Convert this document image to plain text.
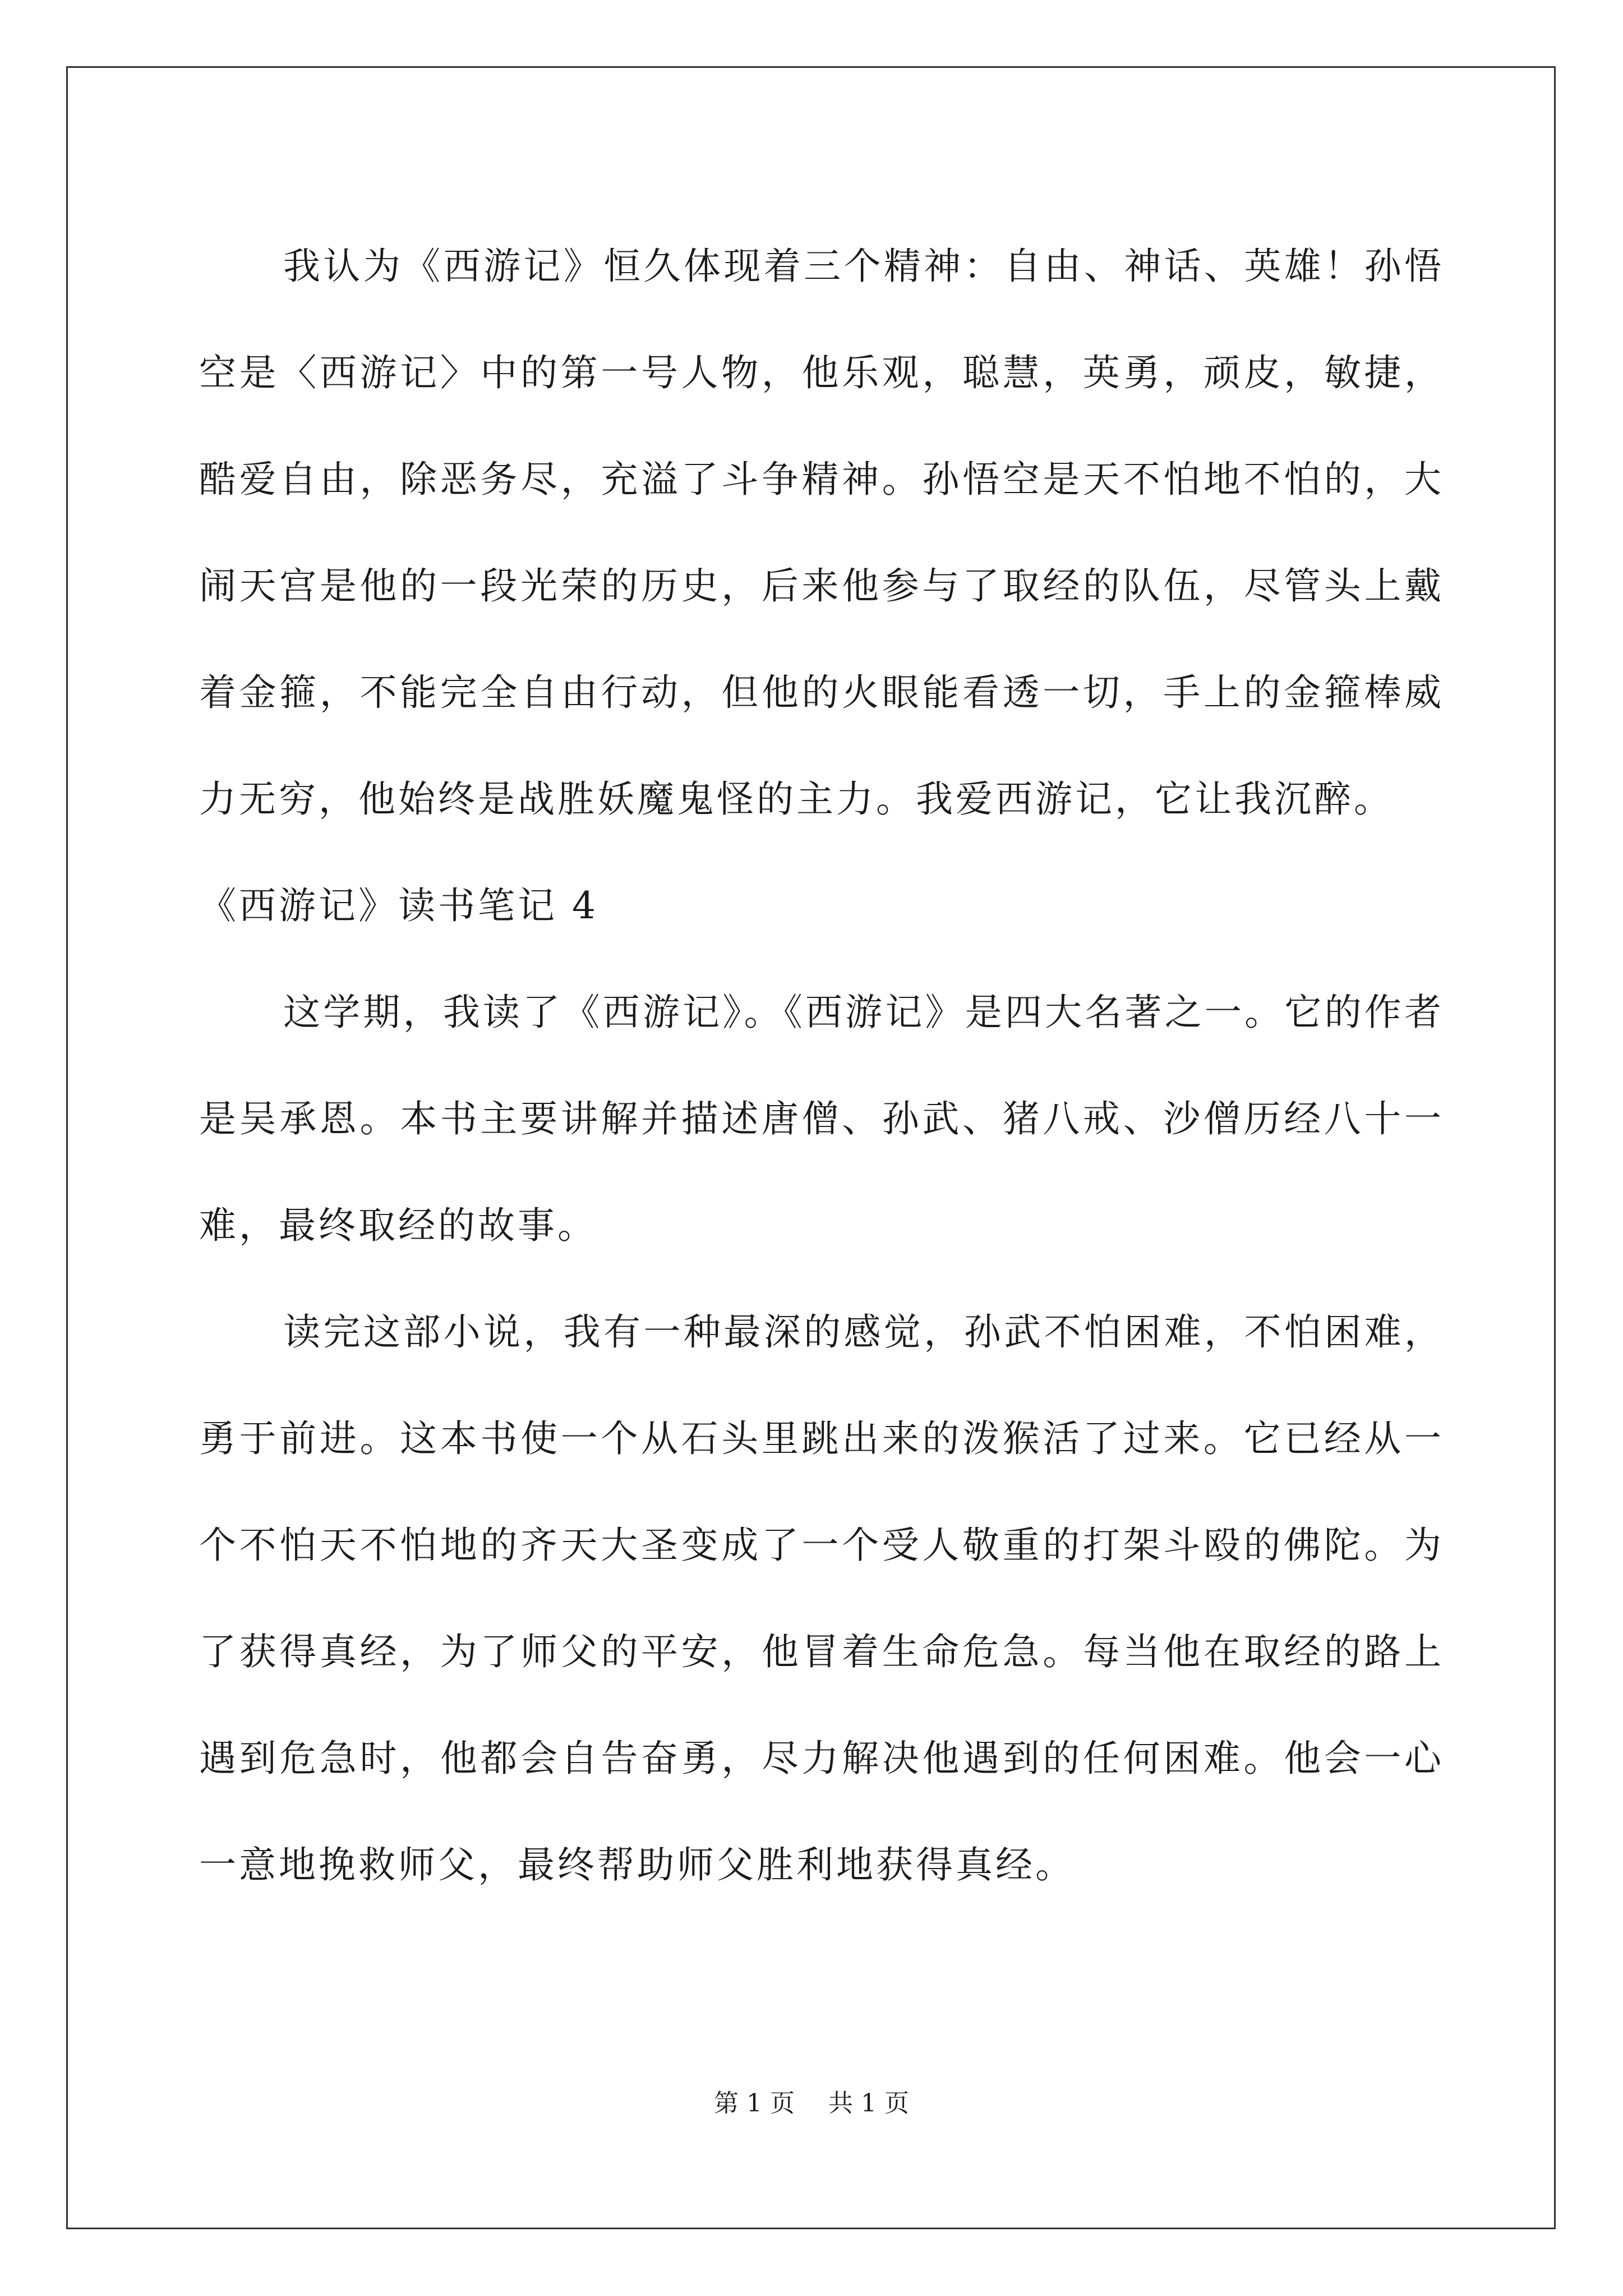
我认为《西游记》恒久体现着三个精神：自由、神话、英雄！孙悟空是〈西游记〉中的第一号人物，他乐观，聪慧，英勇，顽皮，敏捷，酷爱自由，除恶务尽，充溢了斗争精神。孙悟空是天不怕地不怕的，大闹天宫是他的一段光荣的历史，后来他参与了取经的队伍，尽管头上戴着金箍，不能完全自由行动，但他的火眼能看透一切，手上的金箍棒威力无穷，他始终是战胜妖魔鬼怪的主力。我爱西游记，它让我沉醉。

《西游记》读书笔记 4

这学期，我读了《西游记》。《西游记》是四大名著之一。它的作者是吴承恩。本书主要讲解并描述唐僧、孙武、猪八戒、沙僧历经八十一难，最终取经的故事。

读完这部小说，我有一种最深的感觉，孙武不怕困难，不怕困难，勇于前进。这本书使一个从石头里跳出来的泼猴活了过来。它已经从一个不怕天不怕地的齐天大圣变成了一个受人敬重的打架斗殴的佛陀。为了获得真经，为了师父的平安，他冒着生命危急。每当他在取经的路上遇到危急时，他都会自告奋勇，尽力解决他遇到的任何困难。他会一心一意地挽救师父，最终帮助师父胜利地获得真经。

第 1 页 共 1 页
